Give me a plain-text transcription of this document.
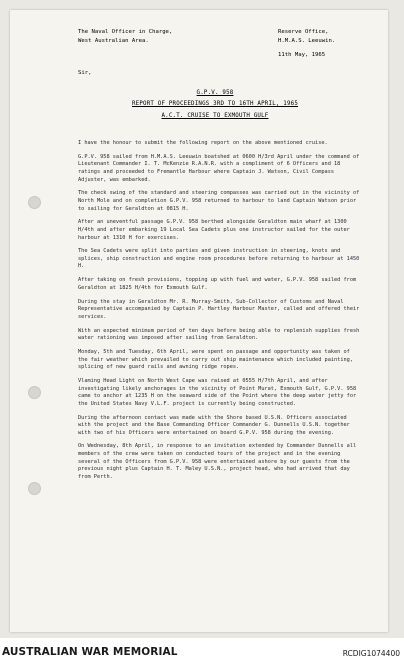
The Naval Officer in Charge,
West Australian Area.
Reserve Office,
H.M.A.S. Leeuwin.
11th May, 1965
Sir,
G.P.V. 958
REPORT OF PROCEEDINGS 3RD TO 16TH APRIL, 1965
A.C.T. CRUISE TO EXMOUTH GULF

I have the honour to submit the following report on the above mentioned cruise.

G.P.V. 958 sailed from H.M.A.S. Leeuwin boatshed at 0600 H/3rd April under the command of Lieutenant Commander I. T. McKenzie R.A.N.R. with a compliment of 6 Officers and 18 ratings and proceeded to Fremantle Harbour where Captain J. Watson, Civil Compass Adjuster, was embarked.

The check swing of the standard and steering compasses was carried out in the vicinity of North Mole and on completion G.P.V. 958 returned to harbour to land Captain Watson prior to sailing for Geraldton at 0815 H.

After an uneventful passage G.P.V. 958 berthed alongside Geraldton main wharf at 1300 H/4th and after embarking 19 Local Sea Cadets plus one instructor sailed for the outer harbour at 1310 H for exercises.

The Sea Cadets were split into parties and given instruction in steering, knots and splices, ship construction and engine room procedures before returning to harbour at 1450 H.

After taking on fresh provisions, topping up with fuel and water, G.P.V. 958 sailed from Geraldton at 1825 H/4th for Exmouth Gulf.

During the stay in Geraldton Mr. R. Murray-Smith, Sub-Collector of Customs and Naval Representative accompanied by Captain P. Hartley Harbour Master, called and offered their services.

With an expected minimum period of ten days before being able to replenish supplies fresh water rationing was imposed after sailing from Geraldton.

Monday, 5th and Tuesday, 6th April, were spent on passage and opportunity was taken of the fair weather which prevailed to carry out ship maintenance which included painting, splicing of new guard rails and awning ridge ropes.

Vlaming Head Light on North West Cape was raised at 0555 H/7th April, and after investigating likely anchorages in the vicinity of Point Murat, Exmouth Gulf, G.P.V. 958 came to anchor at 1235 H on the seaward side of the Point where the deep water jetty for the United States Navy V.L.F. project is currently being constructed.

During the afternoon contact was made with the Shore based U.S.N. Officers associated with the project and the Base Commanding Officer Commander G. Dunnells U.S.N. together with two of his Officers were entertained on board G.P.V. 958 during the evening.

On Wednesday, 8th April, in response to an invitation extended by Commander Dunnells all members of the crew were taken on conducted tours of the project and in the evening several of the Officers from G.P.V. 958 were entertained ashore by our guests from the previous night plus Captain H. T. Maley U.S.N., project head, who had arrived that day from Perth.

AUSTRALIAN WAR MEMORIAL	RCDIG1074400
